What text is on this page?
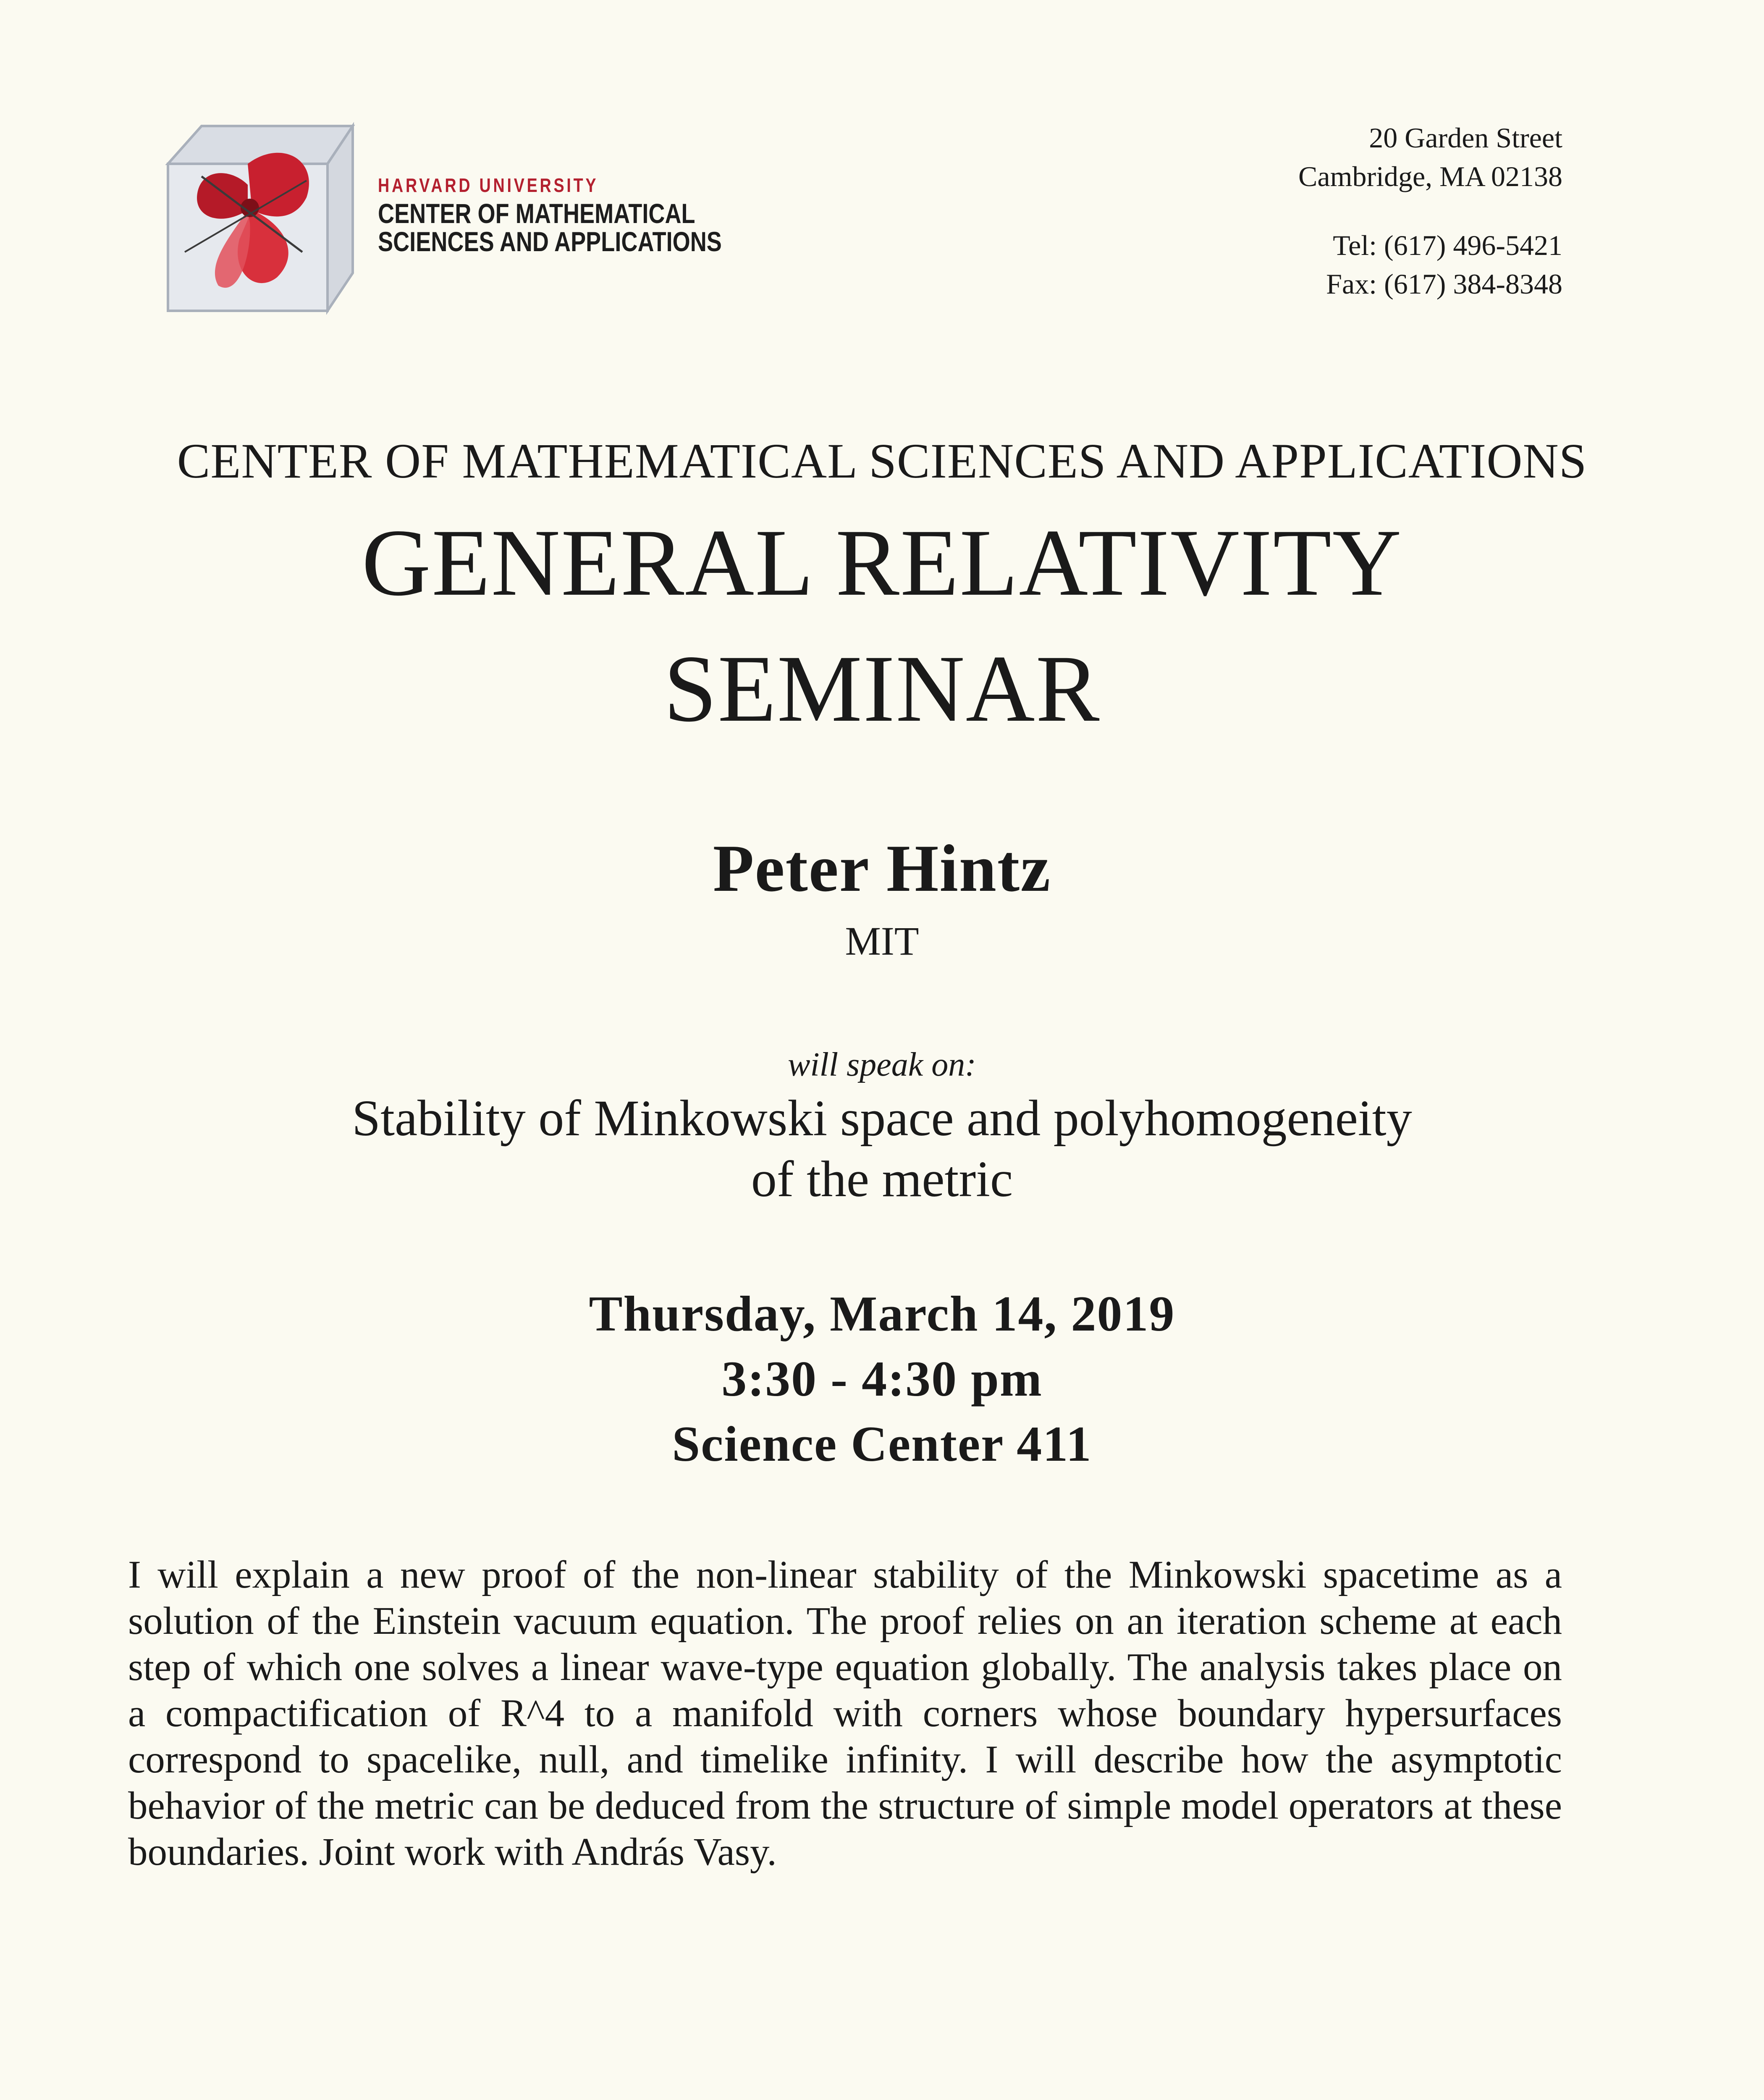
HARVARD UNIVERSITY
CENTER OF MATHEMATICAL
SCIENCES AND APPLICATIONS
20 Garden Street
Cambridge, MA 02138
Tel: (617) 496-5421
Fax: (617) 384-8348
CENTER OF MATHEMATICAL SCIENCES AND APPLICATIONS
GENERAL RELATIVITY
SEMINAR
Peter Hintz
MIT
will speak on:
Stability of Minkowski space and polyhomogeneity
of the metric
Thursday, March 14, 2019
3:30 - 4:30 pm
Science Center 411
I will explain a new proof of the non-linear stability of the Minkowski spacetime as a solution of the Einstein vacuum equation. The proof relies on an iteration scheme at each step of which one solves a linear wave-type equation globally. The analysis takes place on a compactification of R^4 to a manifold with corners whose boundary hypersurfaces correspond to spacelike, null, and timelike infinity. I will describe how the asymptotic behavior of the metric can be deduced from the structure of simple model operators at these boundaries. Joint work with András Vasy.
